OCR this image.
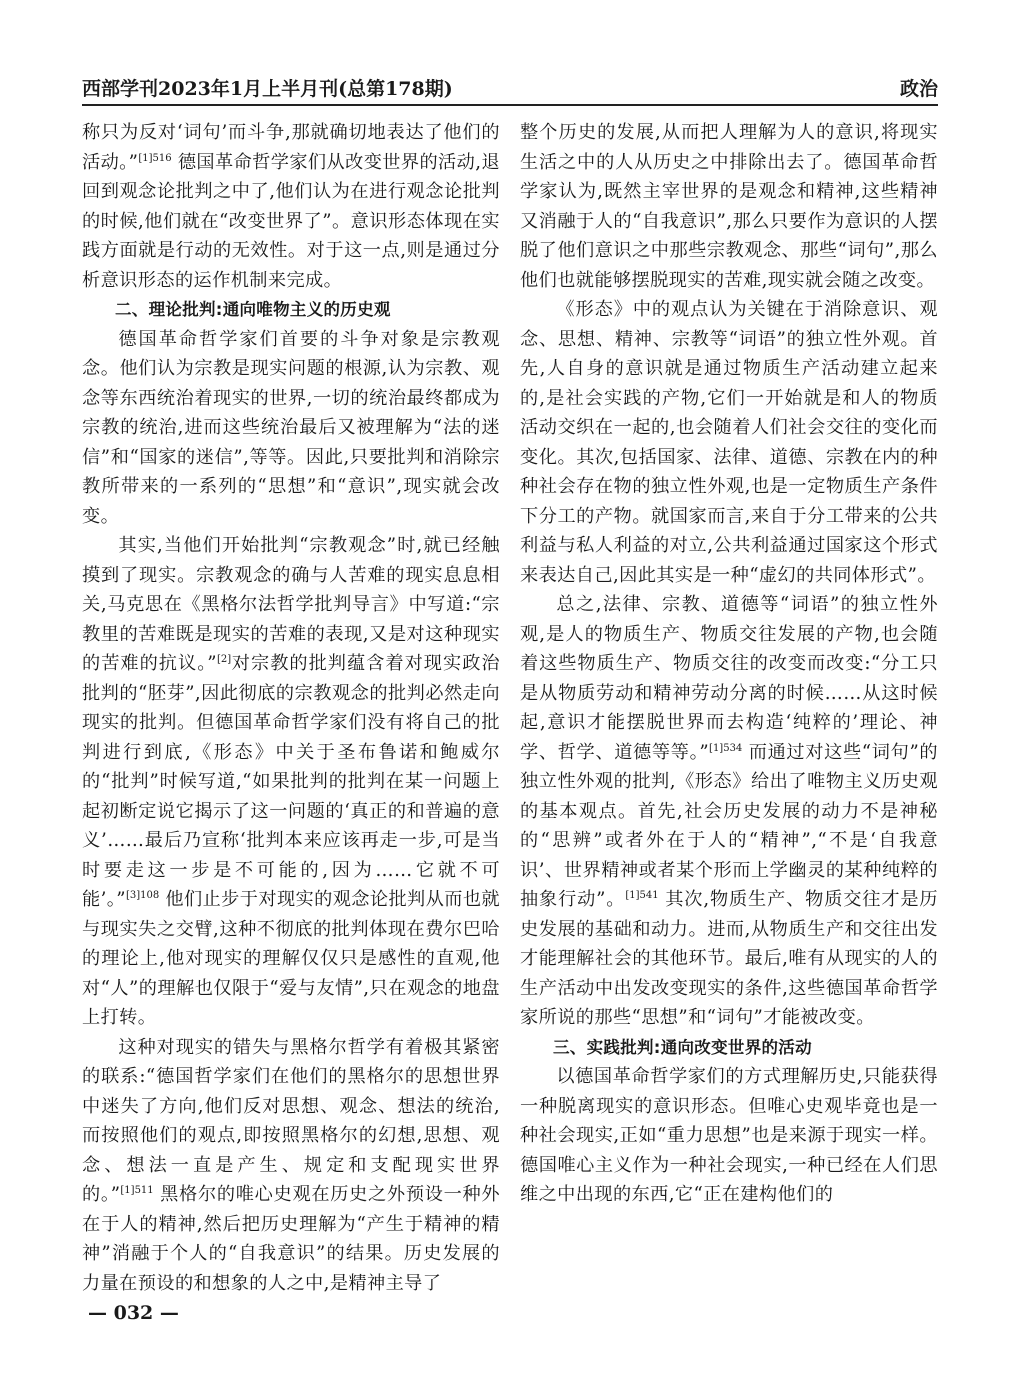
西部学刊2023年1月上半月刊(总第178期)	政治

称只为反对‘词句’而斗争,那就确切地表达了他们的活动。”$^{[1]516}$ 德国革命哲学家们从改变世界的活动,退回到观念论批判之中了,他们认为在进行观念论批判的时候,他们就在“改变世界了”。意识形态体现在实践方面就是行动的无效性。对于这一点,则是通过分析意识形态的运作机制来完成。

二、理论批判:通向唯物主义的历史观

德国革命哲学家们首要的斗争对象是宗教观念。他们认为宗教是现实问题的根源,认为宗教、观念等东西统治着现实的世界,一切的统治最终都成为宗教的统治,进而这些统治最后又被理解为“法的迷信”和“国家的迷信”,等等。因此,只要批判和消除宗教所带来的一系列的“思想”和“意识”,现实就会改变。

其实,当他们开始批判“宗教观念”时,就已经触摸到了现实。宗教观念的确与人苦难的现实息息相关,马克思在《黑格尔法哲学批判导言》中写道:“宗教里的苦难既是现实的苦难的表现,又是对这种现实的苦难的抗议。”[2]对宗教的批判蕴含着对现实政治批判的“胚芽”,因此彻底的宗教观念的批判必然走向现实的批判。但德国革命哲学家们没有将自己的批判进行到底,《形态》中关于圣布鲁诺和鲍威尔的“批判”时候写道,“如果批判的批判在某一问题上起初断定说它揭示了这一问题的‘真正的和普遍的意义’……最后乃宣称‘批判本来应该再走一步,可是当时要走这一步是不可能的,因为……它就不可能’。”$^{[3]108}$ 他们止步于对现实的观念论批判从而也就与现实失之交臂,这种不彻底的批判体现在费尔巴哈的理论上,他对现实的理解仅仅只是感性的直观,他对“人”的理解也仅限于“爱与友情”,只在观念的地盘上打转。

这种对现实的错失与黑格尔哲学有着极其紧密的联系:“德国哲学家们在他们的黑格尔的思想世界中迷失了方向,他们反对思想、观念、想法的统治,而按照他们的观点,即按照黑格尔的幻想,思想、观念、想法一直是产生、规定和支配现实世界的。”$^{[1]511}$ 黑格尔的唯心史观在历史之外预设一种外在于人的精神,然后把历史理解为“产生于精神的精神”消融于个人的“自我意识”的结果。历史发展的力量在预设的和想象的人之中,是精神主导了

整个历史的发展,从而把人理解为人的意识,将现实生活之中的人从历史之中排除出去了。德国革命哲学家认为,既然主宰世界的是观念和精神,这些精神又消融于人的“自我意识”,那么只要作为意识的人摆脱了他们意识之中那些宗教观念、那些“词句”,那么他们也就能够摆脱现实的苦难,现实就会随之改变。

《形态》中的观点认为关键在于消除意识、观念、思想、精神、宗教等“词语”的独立性外观。首先,人自身的意识就是通过物质生产活动建立起来的,是社会实践的产物,它们一开始就是和人的物质活动交织在一起的,也会随着人们社会交往的变化而变化。其次,包括国家、法律、道德、宗教在内的种种社会存在物的独立性外观,也是一定物质生产条件下分工的产物。就国家而言,来自于分工带来的公共利益与私人利益的对立,公共利益通过国家这个形式来表达自己,因此其实是一种“虚幻的共同体形式”。

总之,法律、宗教、道德等“词语”的独立性外观,是人的物质生产、物质交往发展的产物,也会随着这些物质生产、物质交往的改变而改变:“分工只是从物质劳动和精神劳动分离的时候……从这时候起,意识才能摆脱世界而去构造‘纯粹的’理论、神学、哲学、道德等等。”$^{[1]534}$ 而通过对这些“词句”的独立性外观的批判,《形态》给出了唯物主义历史观的基本观点。首先,社会历史发展的动力不是神秘的“思辨”或者外在于人的“精神”,“不是‘自我意识’、世界精神或者某个形而上学幽灵的某种纯粹的抽象行动”。$^{[1]541}$ 其次,物质生产、物质交往才是历史发展的基础和动力。进而,从物质生产和交往出发才能理解社会的其他环节。最后,唯有从现实的人的生产活动中出发改变现实的条件,这些德国革命哲学家所说的那些“思想”和“词句”才能被改变。

三、实践批判:通向改变世界的活动

以德国革命哲学家们的方式理解历史,只能获得一种脱离现实的意识形态。但唯心史观毕竟也是一种社会现实,正如“重力思想”也是来源于现实一样。德国唯心主义作为一种社会现实,一种已经在人们思维之中出现的东西,它“正在建构他们的

— 032 —
